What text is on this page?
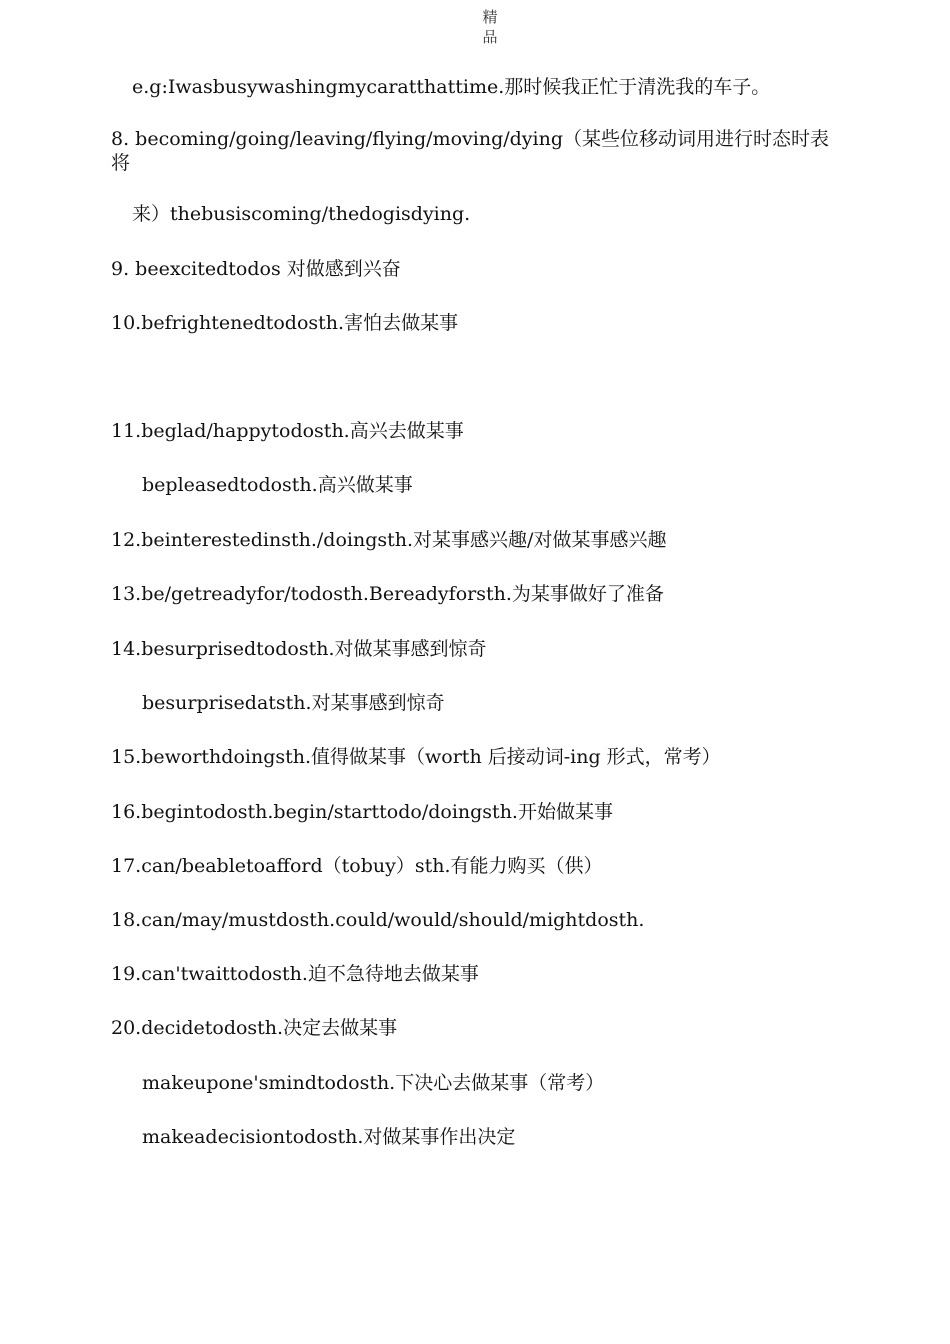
精
品
e.g:Iwasbusywashingmycaratthattime.那时候我正忙于清洗我的车子。
8. becoming/going/leaving/flying/moving/dying（某些位移动词用进行时态时表将
来）thebusiscoming/thedogisdying.
9. beexcitedtodos 对做感到兴奋
10.befrightenedtodosth.害怕去做某事
11.beglad/happytodosth.高兴去做某事
bepleasedtodosth.高兴做某事
12.beinterestedinsth./doingsth.对某事感兴趣/对做某事感兴趣
13.be/getreadyfor/todosth.Bereadyforsth.为某事做好了准备
14.besurprisedtodosth.对做某事感到惊奇
besurprisedatsth.对某事感到惊奇
15.beworthdoingsth.值得做某事（worth 后接动词-ing 形式，常考）
16.begintodosth.begin/starttodo/doingsth.开始做某事
17.can/beabletoafford（tobuy）sth.有能力购买（供）
18.can/may/mustdosth.could/would/should/mightdosth.
19.can'twaittodosth.迫不急待地去做某事
20.decidetodosth.决定去做某事
makeupone'smindtodosth.下决心去做某事（常考）
makeadecisiontodosth.对做某事作出决定
